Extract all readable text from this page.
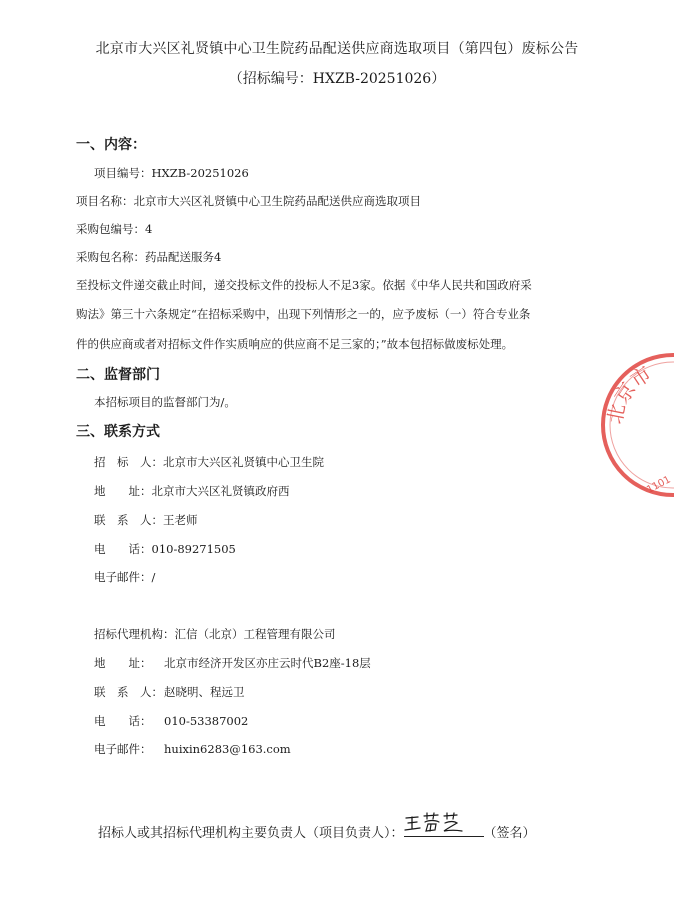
北京市大兴区礼贤镇中心卫生院药品配送供应商选取项目（第四包）废标公告
（招标编号：HXZB-20251026）
一、内容：
项目编号：HXZB-20251026
项目名称：北京市大兴区礼贤镇中心卫生院药品配送供应商选取项目
采购包编号：4
采购包名称：药品配送服务4
至投标文件递交截止时间，递交投标文件的投标人不足3家。依据《中华人民共和国政府采
购法》第三十六条规定“在招标采购中，出现下列情形之一的，应予废标（一）符合专业条
件的供应商或者对招标文件作实质响应的供应商不足三家的；”故本包招标做废标处理。
二、监督部门
本招标项目的监督部门为/。
三、联系方式
招　标　人：北京市大兴区礼贤镇中心卫生院
地　　址：北京市大兴区礼贤镇政府西
联　系　人：王老师
电　　话：010-89271505
电子邮件：/
招标代理机构：汇信（北京）工程管理有限公司
地　　址： 北京市经济开发区亦庄云时代B2座-18层
联　系　人：赵晓明、程远卫
电　　话： 010-53387002
电子邮件： huixin6283@163.com
招标人或其招标代理机构主要负责人（项目负责人）：	（签名）
北京市
1101
